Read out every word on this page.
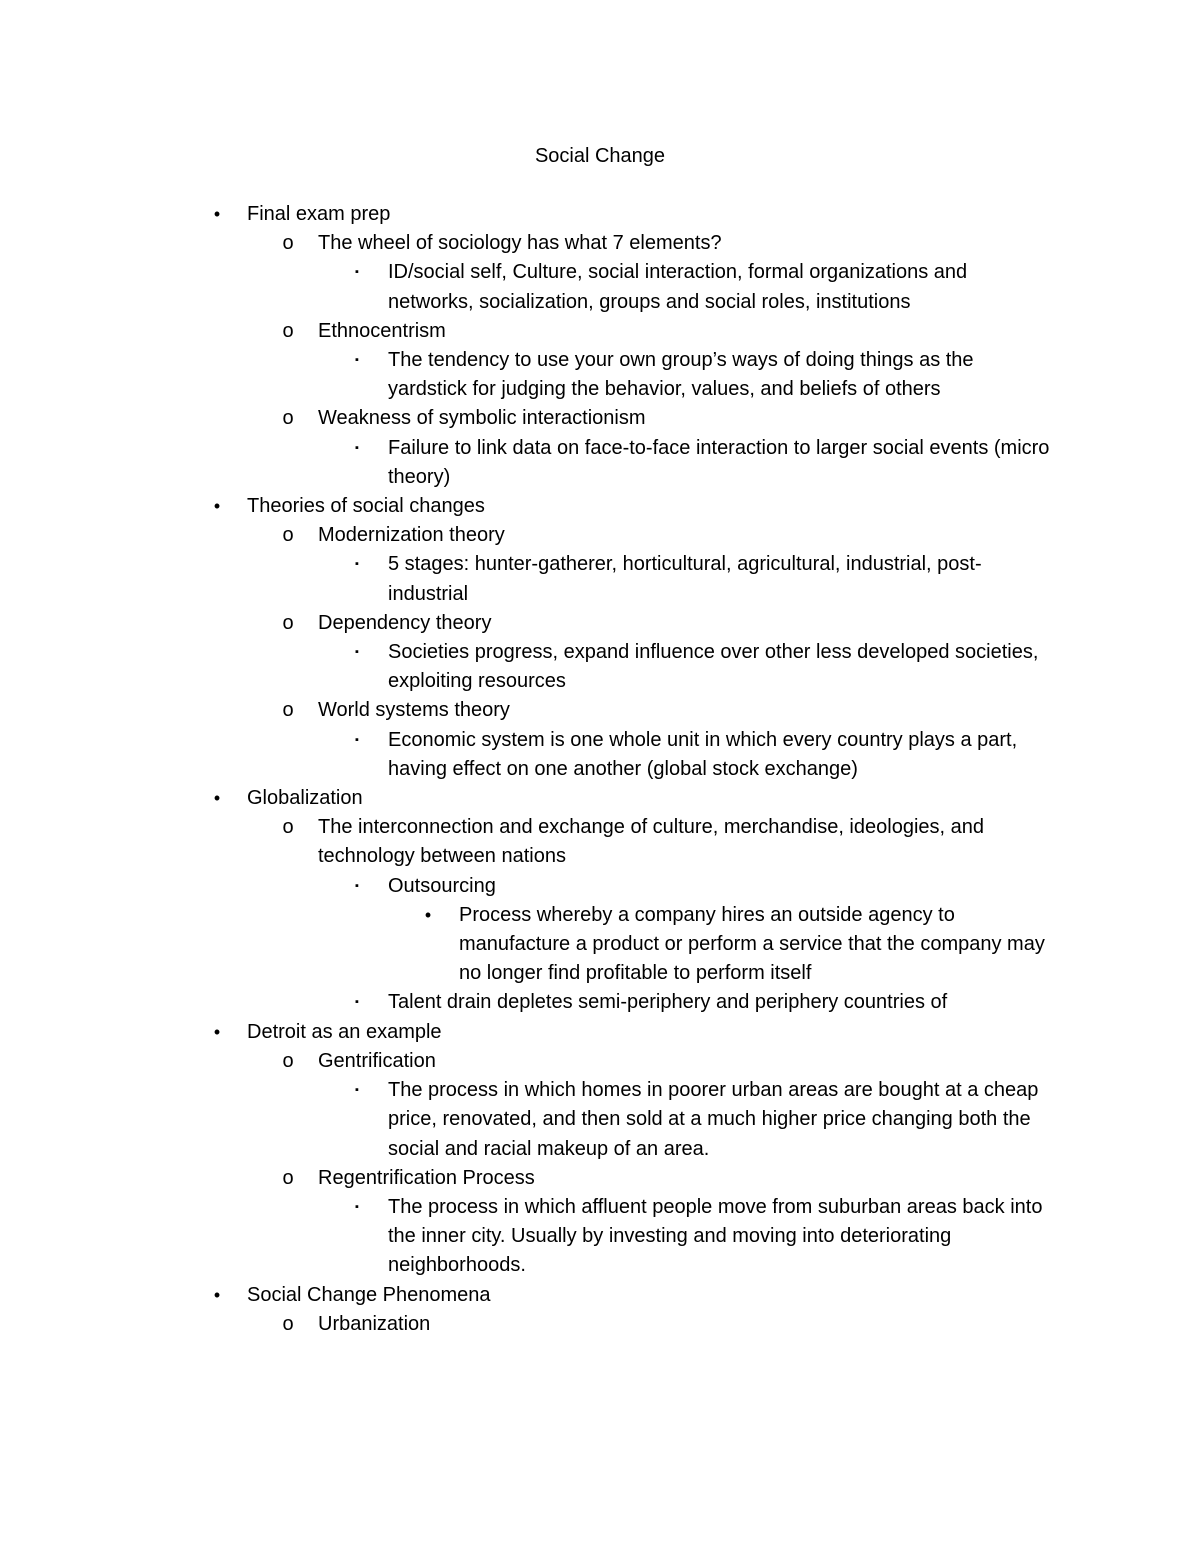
Social Change
•	Final exam prep
o The wheel of sociology has what 7 elements?
▪	ID/social self, Culture, social interaction, formal organizations and networks, socialization, groups and social roles, institutions
o Ethnocentrism
▪	The tendency to use your own group’s ways of doing things as the yardstick for judging the behavior, values, and beliefs of others
o Weakness of symbolic interactionism
▪	Failure to link data on face-to-face interaction to larger social events (micro theory)
•	Theories of social changes
o Modernization theory
▪	5 stages: hunter-gatherer, horticultural, agricultural, industrial, post-industrial
o Dependency theory
▪	Societies progress, expand influence over other less developed societies, exploiting resources
o World systems theory
▪	Economic system is one whole unit in which every country plays a part, having effect on one another (global stock exchange)
•	Globalization
o The interconnection and exchange of culture, merchandise, ideologies, and technology between nations
▪	Outsourcing
•	Process whereby a company hires an outside agency to manufacture a product or perform a service that the company may no longer find profitable to perform itself
▪	Talent drain depletes semi-periphery and periphery countries of
•	Detroit as an example
o Gentrification
▪	The process in which homes in poorer urban areas are bought at a cheap price, renovated, and then sold at a much higher price changing both the social and racial makeup of an area.
o Regentrification Process
▪	The process in which affluent people move from suburban areas back into the inner city. Usually by investing and moving into deteriorating neighborhoods.
•	Social Change Phenomena
o Urbanization
